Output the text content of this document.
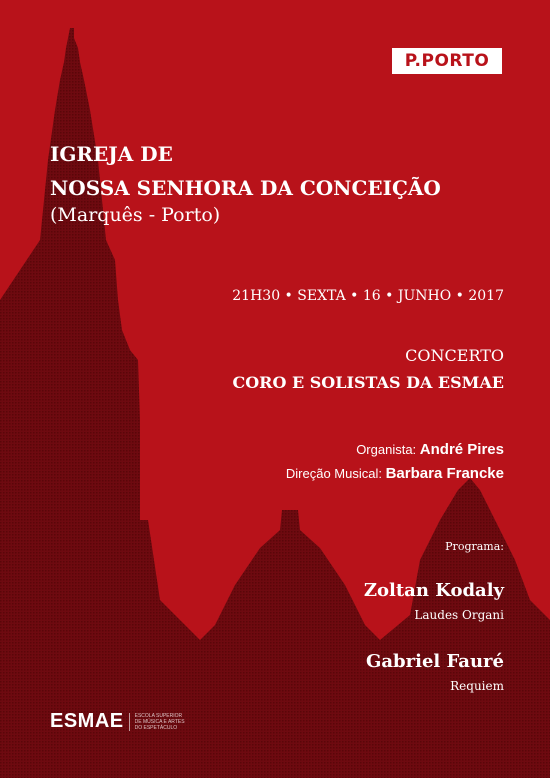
P.PORTO
IGREJA DE
NOSSA SENHORA DA CONCEIÇÃO
(Marquês - Porto)
21H30 • SEXTA • 16 • JUNHO • 2017
CONCERTO
CORO E SOLISTAS DA ESMAE
Organista: André Pires
Direção Musical: Barbara Francke
Programa:
Zoltan Kodaly
Laudes Organi
Gabriel Fauré
Requiem
ESMAE ESCOLA SUPERIOR
DE MÚSICA E ARTES
DO ESPETÁCULO
